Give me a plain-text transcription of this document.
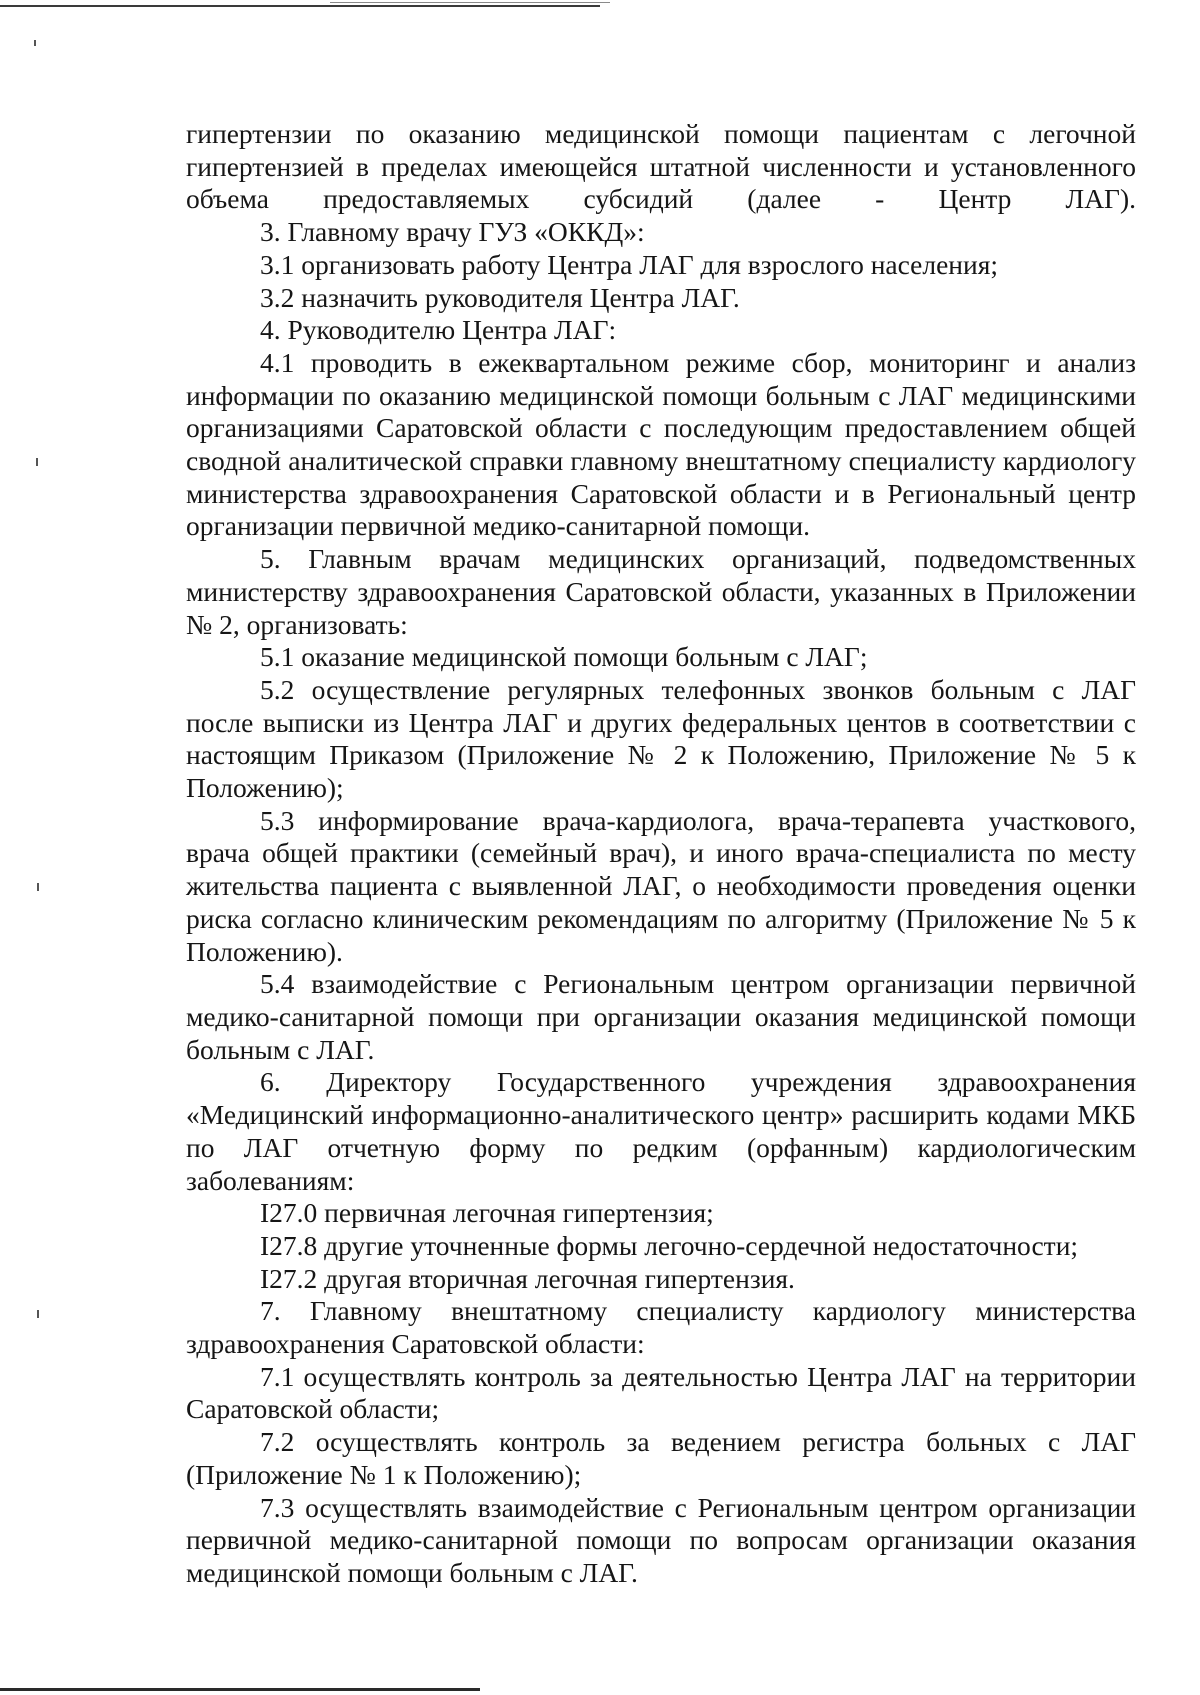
гипертензии по оказанию медицинской помощи пациентам с легочной гипертензией в пределах имеющейся штатной численности и установленного объема предоставляемых субсидий (далее - Центр ЛАГ).

3. Главному врачу ГУЗ «ОККД»:

3.1 организовать работу Центра ЛАГ для взрослого населения;

3.2 назначить руководителя Центра ЛАГ.

4. Руководителю Центра ЛАГ:

4.1 проводить в ежеквартальном режиме сбор, мониторинг и анализ информации по оказанию медицинской помощи больным с ЛАГ медицинскими организациями Саратовской области с последующим предоставлением общей сводной аналитической справки главному внештатному специалисту кардиологу министерства здравоохранения Саратовской области и в Региональный центр организации первичной медико-санитарной помощи.

5. Главным врачам медицинских организаций, подведомственных министерству здравоохранения Саратовской области, указанных в Приложении № 2, организовать:

5.1 оказание медицинской помощи больным с ЛАГ;

5.2 осуществление регулярных телефонных звонков больным с ЛАГ после выписки из Центра ЛАГ и других федеральных центов в соответствии с настоящим Приказом (Приложение № 2 к Положению, Приложение № 5 к Положению);

5.3 информирование врача-кардиолога, врача-терапевта участкового, врача общей практики (семейный врач), и иного врача-специалиста по месту жительства пациента с выявленной ЛАГ, о необходимости проведения оценки риска согласно клиническим рекомендациям по алгоритму (Приложение № 5 к Положению).

5.4 взаимодействие с Региональным центром организации первичной медико-санитарной помощи при организации оказания медицинской помощи больным с ЛАГ.

6. Директору Государственного учреждения здравоохранения «Медицинский информационно-аналитического центр» расширить кодами МКБ по ЛАГ отчетную форму по редким (орфанным) кардиологическим заболеваниям:

I27.0 первичная легочная гипертензия;

I27.8 другие уточненные формы легочно-сердечной недостаточности;

I27.2 другая вторичная легочная гипертензия.

7. Главному внештатному специалисту кардиологу министерства здравоохранения Саратовской области:

7.1 осуществлять контроль за деятельностью Центра ЛАГ на территории Саратовской области;

7.2 осуществлять контроль за ведением регистра больных с ЛАГ (Приложение № 1 к Положению);

7.3 осуществлять взаимодействие с Региональным центром организации первичной медико-санитарной помощи по вопросам организации оказания медицинской помощи больным с ЛАГ.
